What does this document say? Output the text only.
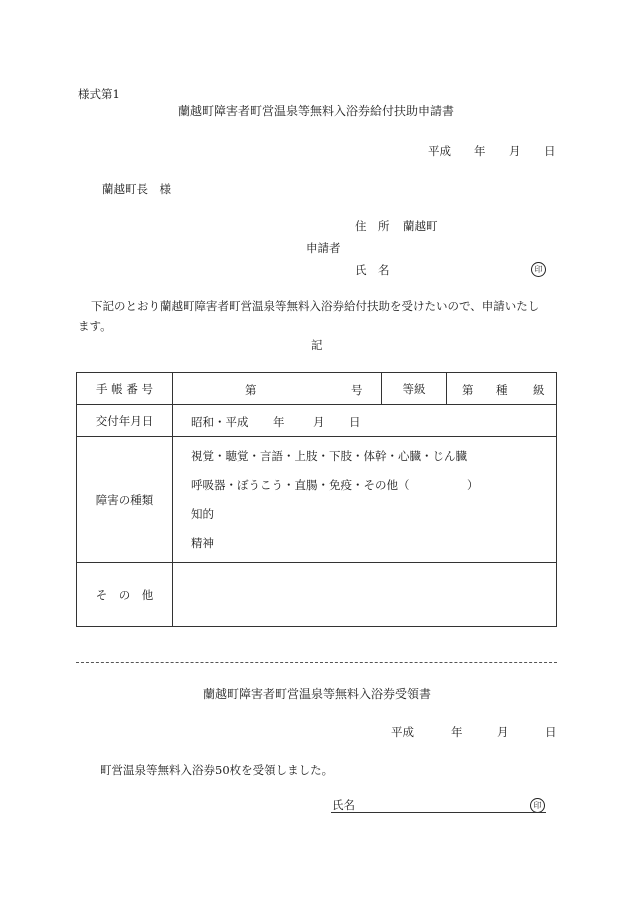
様式第1
蘭越町障害者町営温泉等無料入浴券給付扶助申請書
平成 年 月 日
蘭越町長　様
住　所 蘭越町
申請者
氏　名	印
下記のとおり蘭越町障害者町営温泉等無料入浴券給付扶助を受けたいので、申請いたし
ます。
記
手 帳 番 号	第 号	等級	第 種 級

交付年月日	昭和・平成 年 月 日		

障害の種類	視覚・聴覚・言語・上肢・下肢・体幹・心臓・じん臓
呼吸器・ぼうこう・直腸・免疫・その他（　　　　　）
知的
精神		

そ　の　他			
蘭越町障害者町営温泉等無料入浴券受領書
平成	年	月	日
町営温泉等無料入浴券50枚を受領しました。
氏名	印
